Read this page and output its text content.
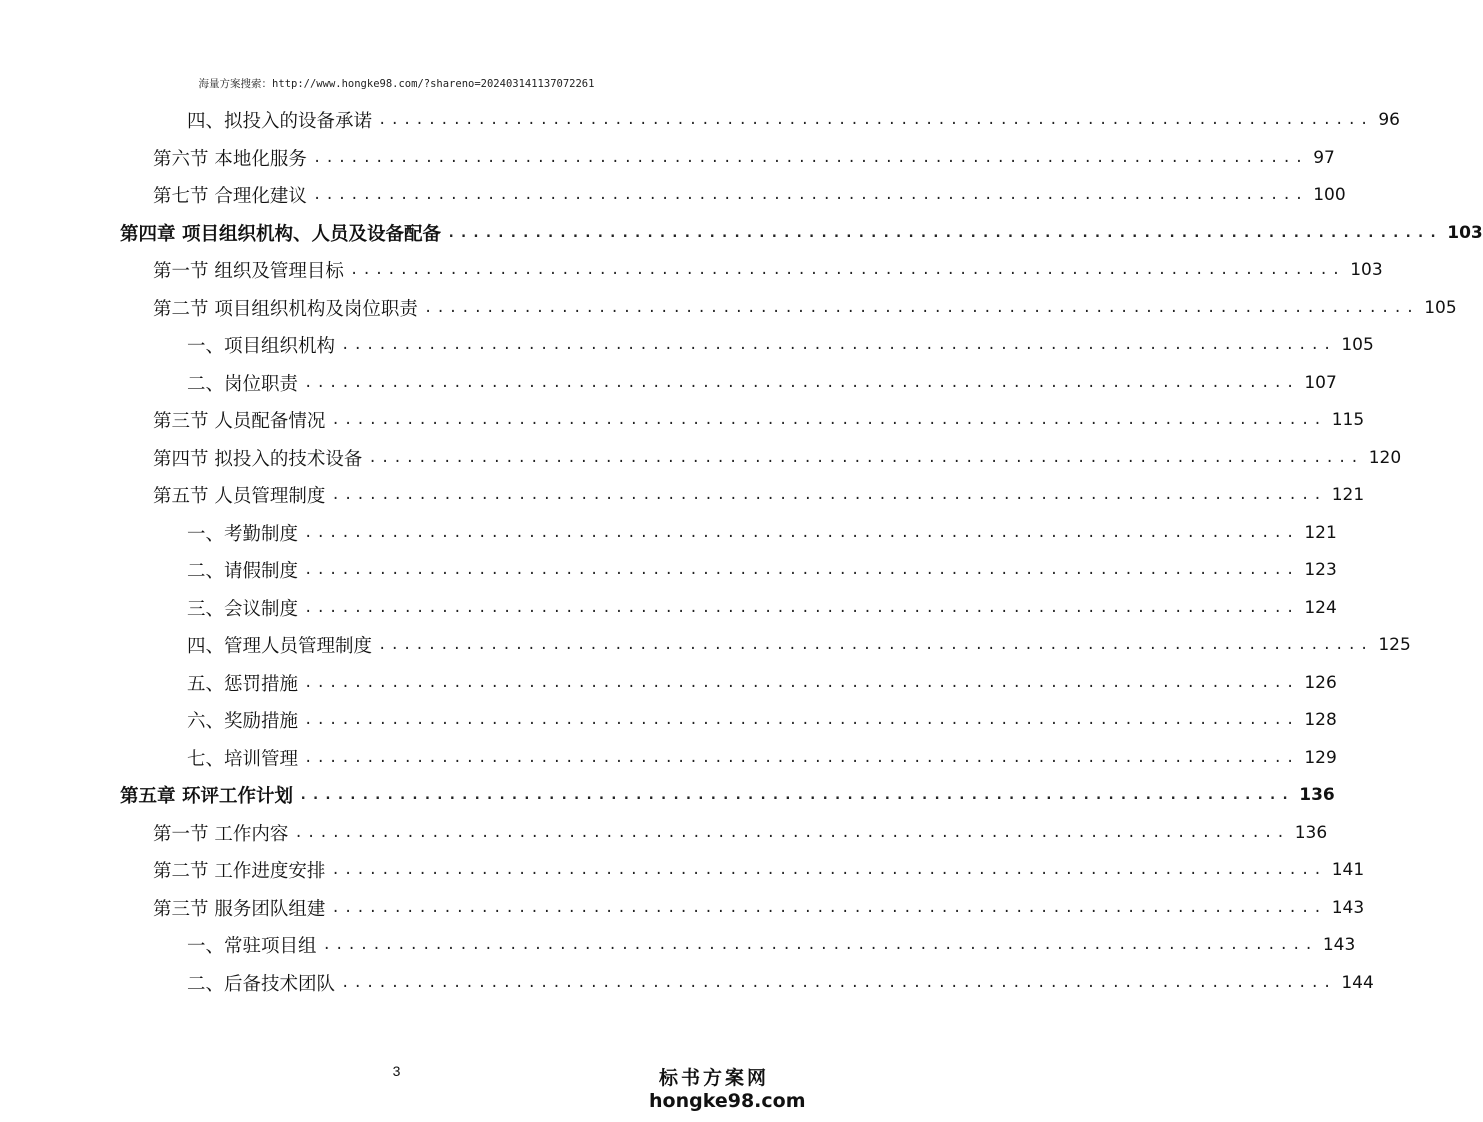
海量方案搜索：http://www.hongke98.com/?shareno=202403141137072261
四、拟投入的设备承诺 ................................................................................ 96
第六节 本地化服务 ................................................................................ 97
第七节 合理化建议 ................................................................................ 100
第四章 项目组织机构、人员及设备配备 ................................................................................ 103
第一节 组织及管理目标 ................................................................................ 103
第二节 项目组织机构及岗位职责 ................................................................................ 105
一、项目组织机构 ................................................................................ 105
二、岗位职责 ................................................................................ 107
第三节 人员配备情况 ................................................................................ 115
第四节 拟投入的技术设备 ................................................................................ 120
第五节 人员管理制度 ................................................................................ 121
一、考勤制度 ................................................................................ 121
二、请假制度 ................................................................................ 123
三、会议制度 ................................................................................ 124
四、管理人员管理制度 ................................................................................ 125
五、惩罚措施 ................................................................................ 126
六、奖励措施 ................................................................................ 128
七、培训管理 ................................................................................ 129
第五章 环评工作计划 ................................................................................ 136
第一节 工作内容 ................................................................................ 136
第二节 工作进度安排 ................................................................................ 141
第三节 服务团队组建 ................................................................................ 143
一、常驻项目组 ................................................................................ 143
二、后备技术团队 ................................................................................ 144
3	标书方案网
hongke98.com
